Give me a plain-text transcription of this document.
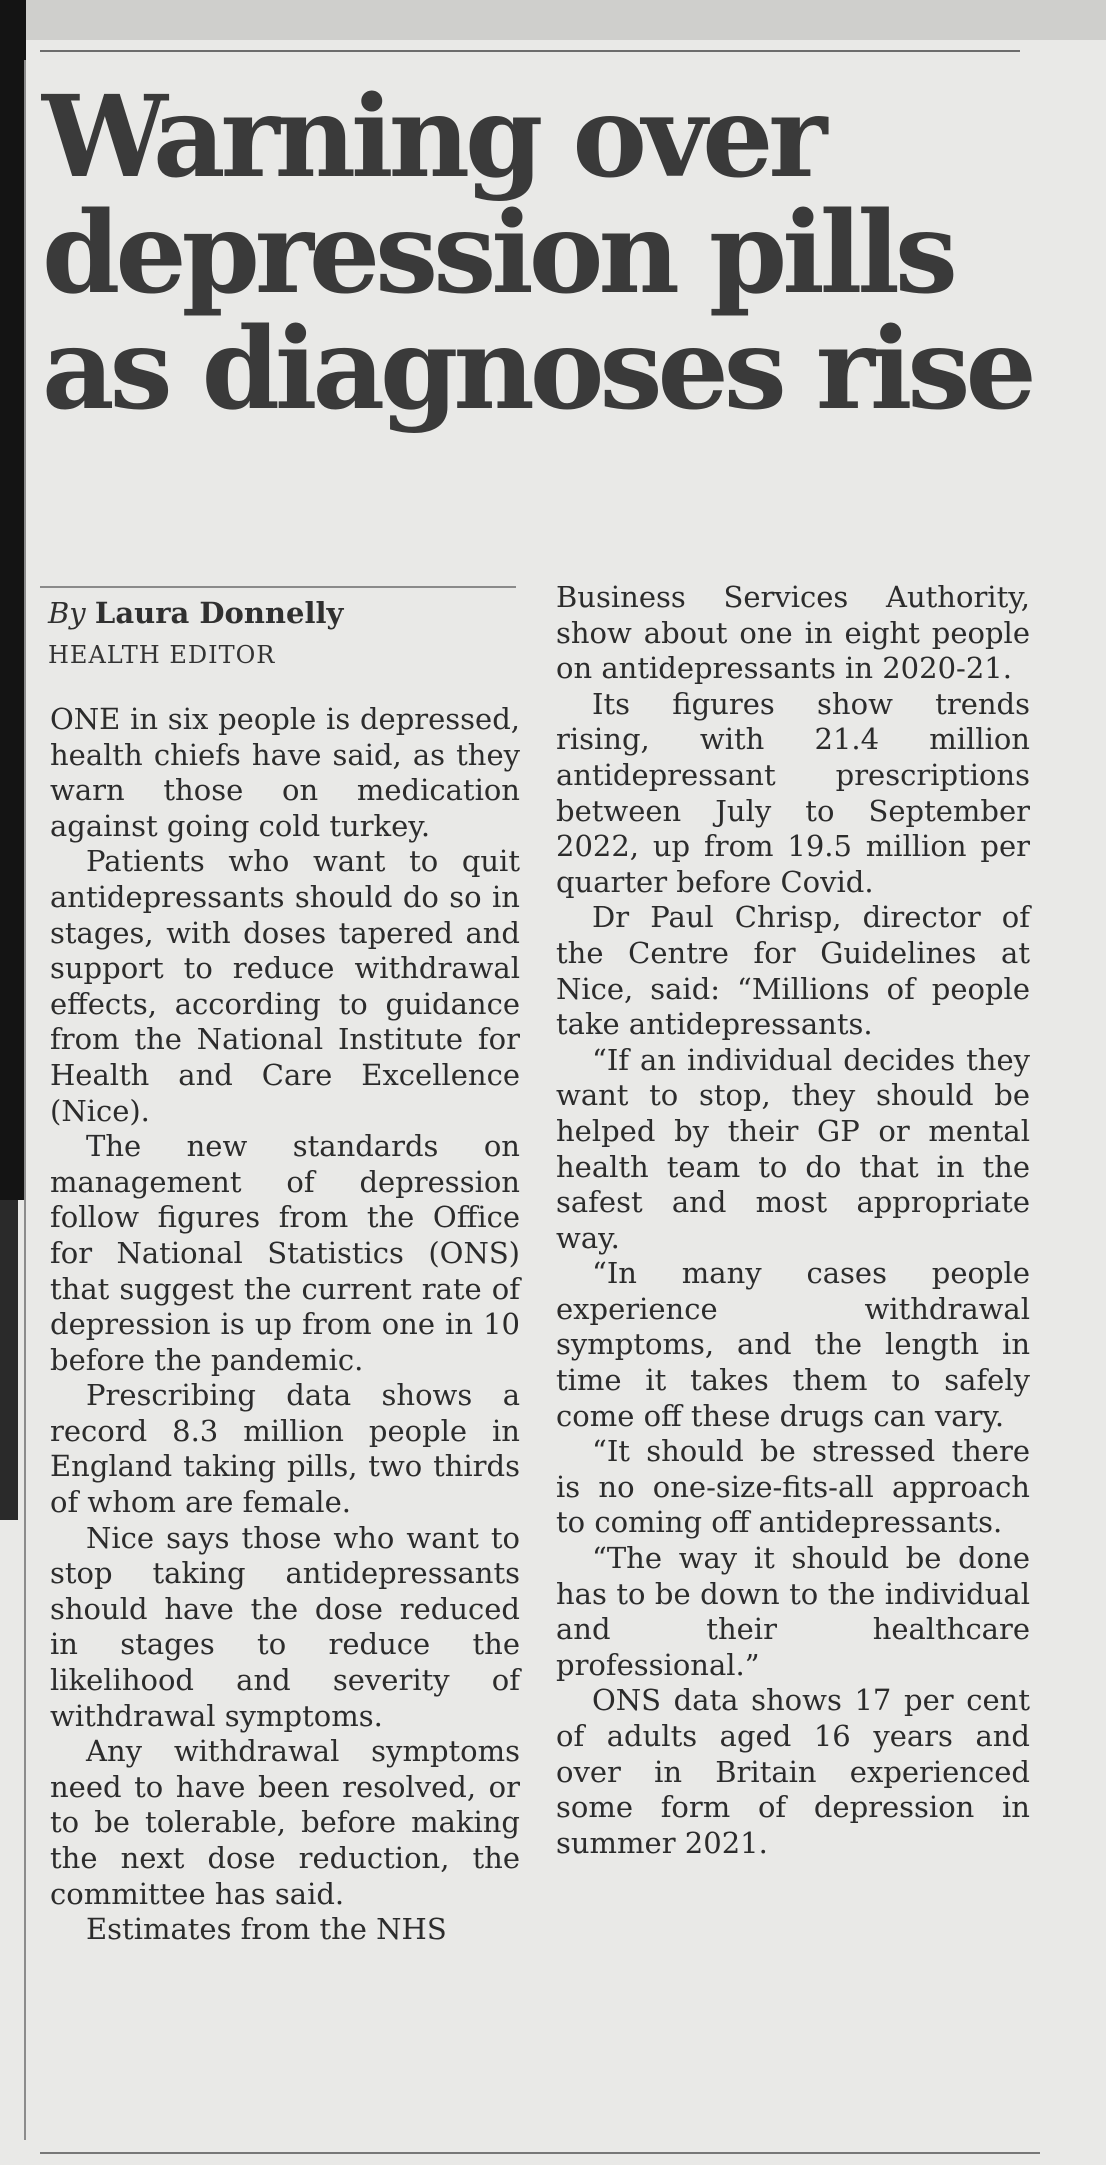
Warning over depression pills as diagnoses rise
By Laura Donnelly
HEALTH EDITOR

ONE in six people is depressed, health chiefs have said, as they warn those on medication against going cold turkey.

Patients who want to quit antidepressants should do so in stages, with doses tapered and support to reduce withdrawal effects, according to guidance from the National Institute for Health and Care Excellence (Nice).

The new standards on management of depression follow figures from the Office for National Statistics (ONS) that suggest the current rate of depression is up from one in 10 before the pandemic.

Prescribing data shows a record 8.3 million people in England taking pills, two thirds of whom are female.

Nice says those who want to stop taking antidepressants should have the dose reduced in stages to reduce the likelihood and severity of withdrawal symptoms.

Any withdrawal symptoms need to have been resolved, or to be tolerable, before making the next dose reduction, the committee has said.

Estimates from the NHS

Business Services Authority, show about one in eight people on antidepressants in 2020-21.

Its figures show trends rising, with 21.4 million antidepressant prescriptions between July to September 2022, up from 19.5 million per quarter before Covid.

Dr Paul Chrisp, director of the Centre for Guidelines at Nice, said: “Millions of people take antidepressants.

“If an individual decides they want to stop, they should be helped by their GP or mental health team to do that in the safest and most appropriate way.

“In many cases people experience withdrawal symptoms, and the length in time it takes them to safely come off these drugs can vary.

“It should be stressed there is no one-size-fits-all approach to coming off antidepressants.

“The way it should be done has to be down to the individual and their healthcare professional.”

ONS data shows 17 per cent of adults aged 16 years and over in Britain experienced some form of depression in summer 2021.
